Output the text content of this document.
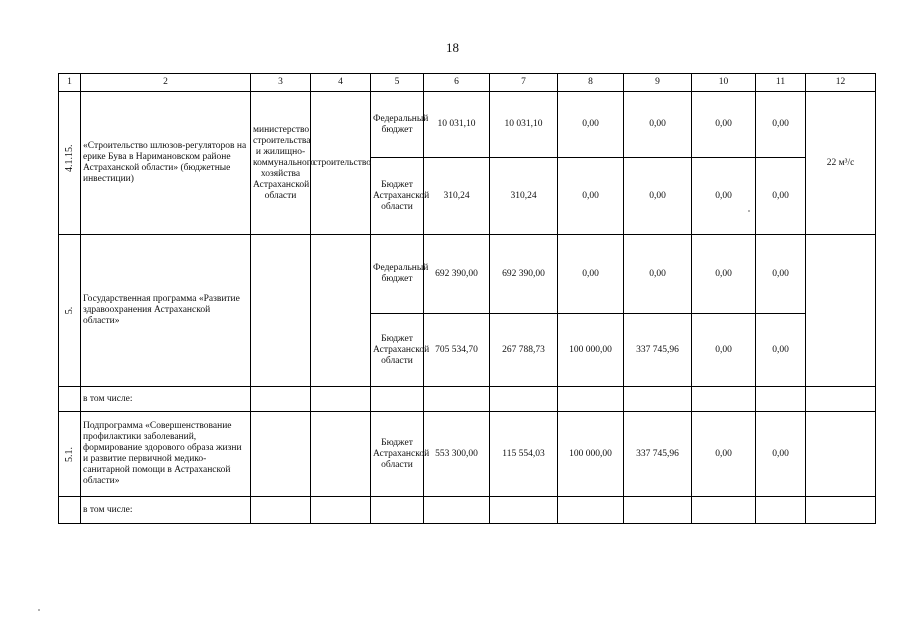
18
1	2	3	4	5	6	7	8	9	10	11	12

4.1.15.	«Строительство шлюзов-регуляторов на ерике Бува в Наримановском районе Астраханской области» (бюджетные инвестиции)	министерство строительства и жилищно-коммунального хозяйства Астраханской области	строительство	Федеральный бюджет	10 031,10	10 031,10	0,00	0,00	0,00	0,00	22 м³/с
				Бюджет Астраханской области	310,24	310,24	0,00	0,00	0,00	0,00	

5.	Государственная программа «Развитие здравоохранения Астраханской области»			Федеральный бюджет	692 390,00	692 390,00	0,00	0,00	0,00	0,00	
				Бюджет Астраханской области	705 534,70	267 788,73	100 000,00	337 745,96	0,00	0,00	
	в том числе:										

5.1.	Подпрограмма «Совершенствование профилактики заболеваний, формирование здорового образа жизни и развитие первичной медико-санитарной помощи в Астраханской области»			Бюджет Астраханской области	553 300,00	115 554,03	100 000,00	337 745,96	0,00	0,00	
	в том числе:										
